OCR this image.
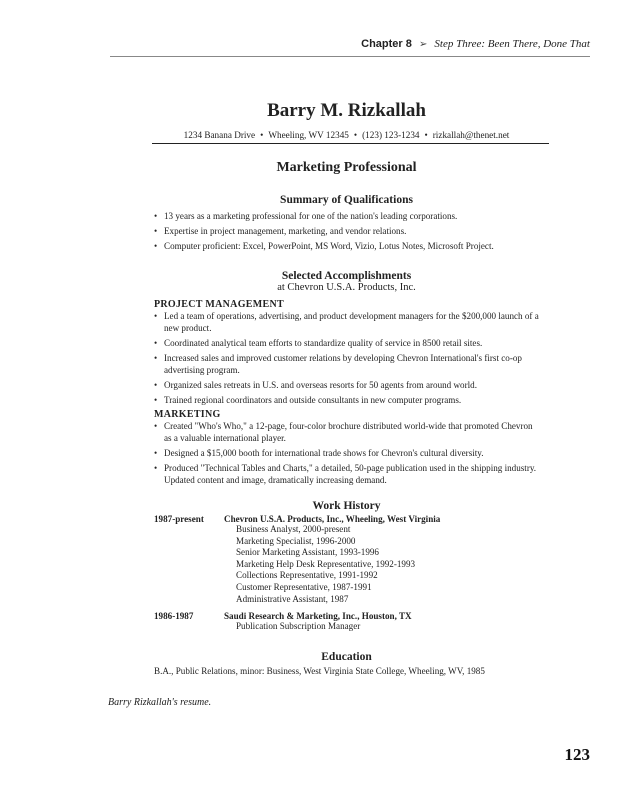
Chapter 8 ➢ Step Three: Been There, Done That
Barry M. Rizkallah
1234 Banana Drive • Wheeling, WV 12345 • (123) 123-1234 • rizkallah@thenet.net
Marketing Professional
Summary of Qualifications
• 13 years as a marketing professional for one of the nation's leading corporations.
• Expertise in project management, marketing, and vendor relations.
• Computer proficient: Excel, PowerPoint, MS Word, Vizio, Lotus Notes, Microsoft Project.
Selected Accomplishments
at Chevron U.S.A. Products, Inc.
PROJECT MANAGEMENT
• Led a team of operations, advertising, and product development managers for the $200,000 launch of a new product.
• Coordinated analytical team efforts to standardize quality of service in 8500 retail sites.
• Increased sales and improved customer relations by developing Chevron International's first co-op advertising program.
• Organized sales retreats in U.S. and overseas resorts for 50 agents from around world.
• Trained regional coordinators and outside consultants in new computer programs.
MARKETING
• Created "Who's Who," a 12-page, four-color brochure distributed world-wide that promoted Chevron as a valuable international player.
• Designed a $15,000 booth for international trade shows for Chevron's cultural diversity.
• Produced "Technical Tables and Charts," a detailed, 50-page publication used in the shipping industry. Updated content and image, dramatically increasing demand.
Work History
1987-present	Chevron U.S.A. Products, Inc., Wheeling, West Virginia
Business Analyst, 2000-present
Marketing Specialist, 1996-2000
Senior Marketing Assistant, 1993-1996
Marketing Help Desk Representative, 1992-1993
Collections Representative, 1991-1992
Customer Representative, 1987-1991
Administrative Assistant, 1987
1986-1987	Saudi Research & Marketing, Inc., Houston, TX
Publication Subscription Manager
Education
B.A., Public Relations, minor: Business, West Virginia State College, Wheeling, WV, 1985
Barry Rizkallah's resume.
123
